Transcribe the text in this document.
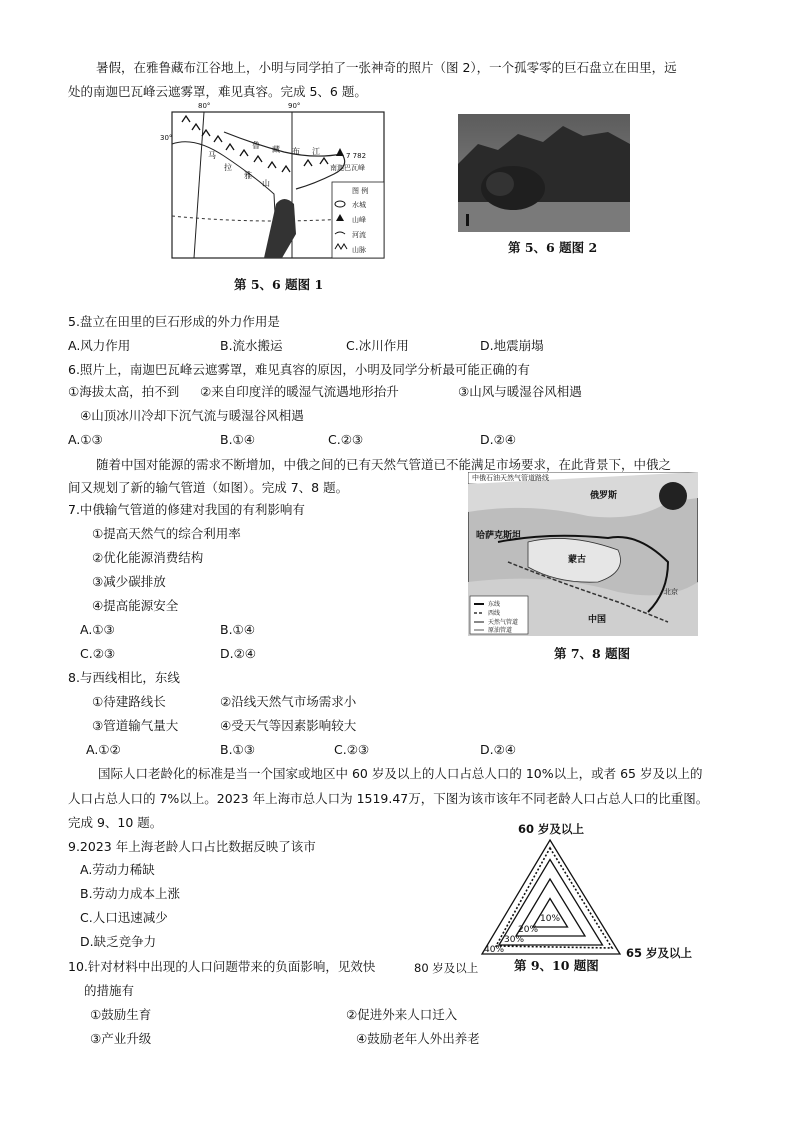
暑假，在雅鲁藏布江谷地上，小明与同学拍了一张神奇的照片（图 2），一个孤零零的巨石盘立在田里，远
处的南迦巴瓦峰云遮雾罩，难见真容。完成 5、6 题。
80°	90°
30°
鲁 藏 布 江
马
拉
雅
山
7 782
南迦巴瓦峰
图 例
水城
山峰
河流
山脉
第 5、6 题图 1
第 5、6 题图 2
5.盘立在田里的巨石形成的外力作用是
A.风力作用	B.流水搬运	C.冰川作用	D.地震崩塌
6.照片上，南迦巴瓦峰云遮雾罩，难见真容的原因，小明及同学分析最可能正确的有
①海拔太高，拍不到 ②来自印度洋的暖湿气流遇地形抬升	③山风与暖湿谷风相遇
④山顶冰川冷却下沉气流与暖湿谷风相遇
A.①③	B.①④	C.②③	D.②④
随着中国对能源的需求不断增加，中俄之间的已有天然气管道已不能满足市场要求，在此背景下，中俄之
间又规划了新的输气管道（如图）。完成 7、8 题。
中俄石油天然气管道路线
俄罗斯
哈萨克斯坦
蒙古
中国
北京
东线
西线
天然气管道
原油管道
第 7、8 题图
7.中俄输气管道的修建对我国的有利影响有
①提高天然气的综合利用率
②优化能源消费结构
③减少碳排放
④提高能源安全
A.①③	B.①④
C.②③	D.②④
8.与西线相比，东线
①待建路线长	②沿线天然气市场需求小
③管道输气量大	④受天气等因素影响较大
A.①②	B.①③	C.②③	D.②④
国际人口老龄化的标准是当一个国家或地区中 60 岁及以上的人口占总人口的 10%以上，或者 65 岁及以上的
人口占总人口的 7%以上。2023 年上海市总人口为 1519.47万，下图为该市该年不同老龄人口占总人口的比重图。
完成 9、10 题。	60 岁及以上
65 岁及以上
80 岁及以上
10%
20%
30%
40%
第 9、10 题图
9.2023 年上海老龄人口占比数据反映了该市
A.劳动力稀缺
B.劳动力成本上涨
C.人口迅速减少
D.缺乏竞争力
10.针对材料中出现的人口问题带来的负面影响，见效快
的措施有
①鼓励生育	②促进外来人口迁入
③产业升级	④鼓励老年人外出养老
